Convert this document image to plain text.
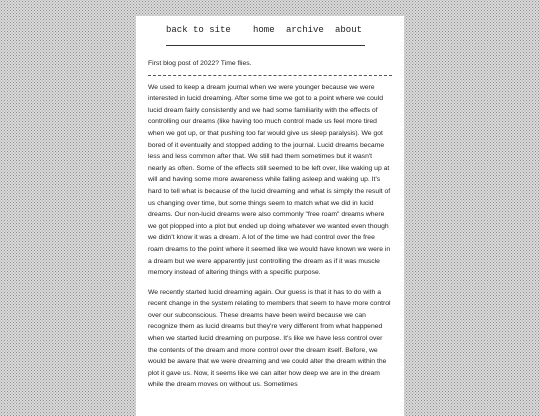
back to site home archive about

First blog post of 2022? Time flies.

We used to keep a dream journal when we were younger because we were interested in lucid dreaming. After some time we got to a point where we could lucid dream fairly consistently and we had some familiarity with the effects of controlling our dreams (like having too much control made us feel more tired when we got up, or that pushing too far would give us sleep paralysis). We got bored of it eventually and stopped adding to the journal. Lucid dreams became less and less common after that. We still had them sometimes but it wasn't nearly as often. Some of the effects still seemed to be left over, like waking up at will and having some more awareness while falling asleep and waking up. It's hard to tell what is because of the lucid dreaming and what is simply the result of us changing over time, but some things seem to match what we did in lucid dreams. Our non-lucid dreams were also commonly "free roam" dreams where we got plopped into a plot but ended up doing whatever we wanted even though we didn't know it was a dream. A lot of the time we had control over the free roam dreams to the point where it seemed like we would have known we were in a dream but we were apparently just controlling the dream as if it was muscle memory instead of altering things with a specific purpose.

We recently started lucid dreaming again. Our guess is that it has to do with a recent change in the system relating to members that seem to have more control over our subconscious. These dreams have been weird because we can recognize them as lucid dreams but they're very different from what happened when we started lucid dreaming on purpose. It's like we have less control over the contents of the dream and more control over the dream itself. Before, we would be aware that we were dreaming and we could alter the dream within the plot it gave us. Now, it seems like we can alter how deep we are in the dream while the dream moves on without us. Sometimes
